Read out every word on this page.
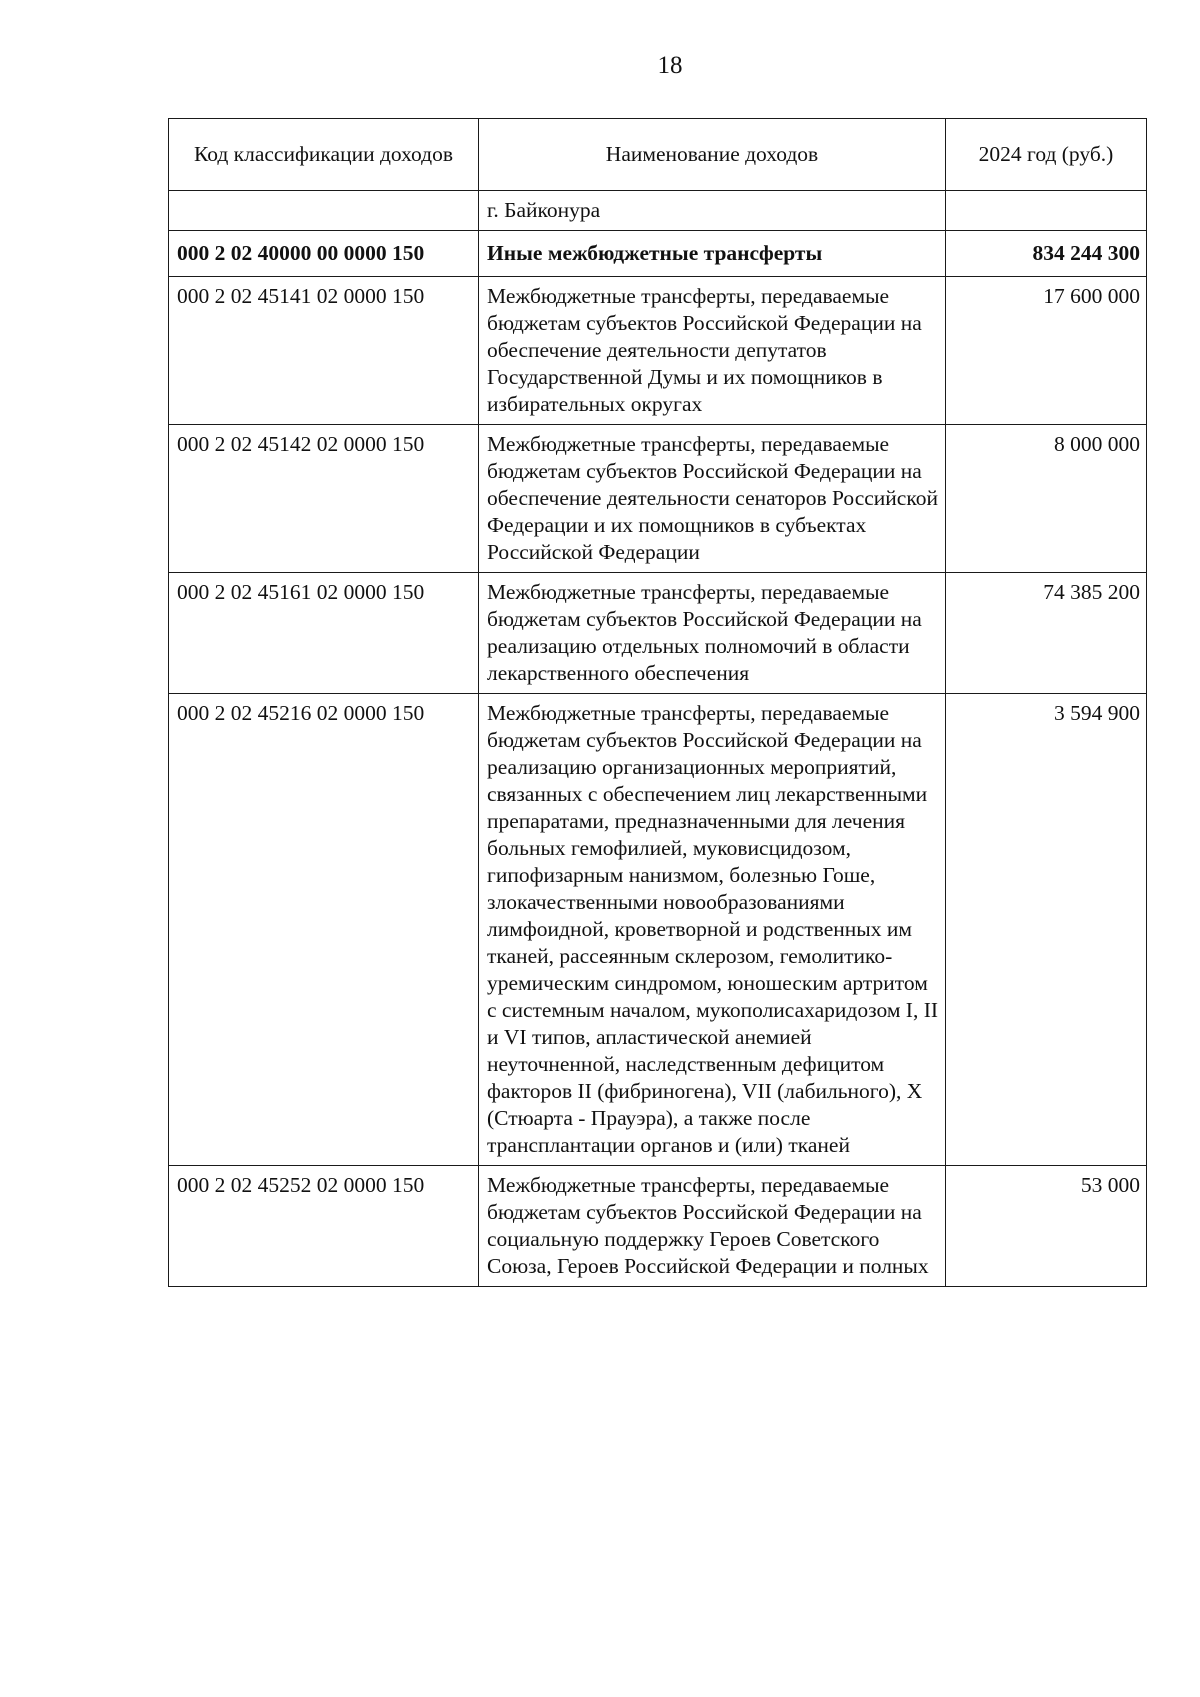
18
Код классификации доходов	Наименование доходов	2024 год (руб.)
	г. Байконура	
000 2 02 40000 00 0000 150	Иные межбюджетные трансферты	834 244 300
000 2 02 45141 02 0000 150	Межбюджетные трансферты, передаваемые бюджетам субъектов Российской Федерации на обеспечение деятельности депутатов Государственной Думы и их помощников в избирательных округах	17 600 000
000 2 02 45142 02 0000 150	Межбюджетные трансферты, передаваемые бюджетам субъектов Российской Федерации на обеспечение деятельности сенаторов Российской Федерации и их помощников в субъектах Российской Федерации	8 000 000
000 2 02 45161 02 0000 150	Межбюджетные трансферты, передаваемые бюджетам субъектов Российской Федерации на реализацию отдельных полномочий в области лекарственного обеспечения	74 385 200
000 2 02 45216 02 0000 150	Межбюджетные трансферты, передаваемые бюджетам субъектов Российской Федерации на реализацию организационных мероприятий, связанных с обеспечением лиц лекарственными препаратами, предназначенными для лечения больных гемофилией, муковисцидозом, гипофизарным нанизмом, болезнью Гоше, злокачественными новообразованиями лимфоидной, кроветворной и родственных им тканей, рассеянным склерозом, гемолитико-уремическим синдромом, юношеским артритом с системным началом, мукополисахаридозом I, II и VI типов, апластической анемией неуточненной, наследственным дефицитом факторов II (фибриногена), VII (лабильного), X (Стюарта - Прауэра), а также после трансплантации органов и (или) тканей	3 594 900
000 2 02 45252 02 0000 150	Межбюджетные трансферты, передаваемые бюджетам субъектов Российской Федерации на социальную поддержку Героев Советского Союза, Героев Российской Федерации и полных	53 000
